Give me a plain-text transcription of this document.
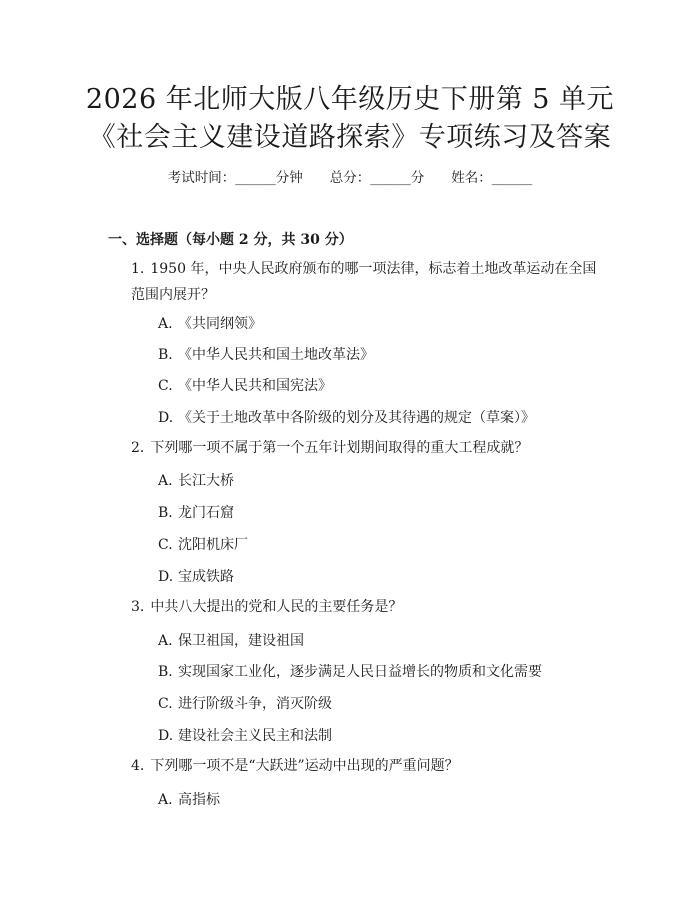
2026 年北师大版八年级历史下册第 5 单元
《社会主义建设道路探索》专项练习及答案
考试时间：______分钟　　总分：______分　　姓名：______
一、选择题（每小题 2 分，共 30 分）
1. 1950 年，中央人民政府颁布的哪一项法律，标志着土地改革运动在全国范围内展开？
A. 《共同纲领》
B. 《中华人民共和国土地改革法》
C. 《中华人民共和国宪法》
D. 《关于土地改革中各阶级的划分及其待遇的规定（草案）》
2. 下列哪一项不属于第一个五年计划期间取得的重大工程成就？
A. 长江大桥
B. 龙门石窟
C. 沈阳机床厂
D. 宝成铁路
3. 中共八大提出的党和人民的主要任务是？
A. 保卫祖国，建设祖国
B. 实现国家工业化，逐步满足人民日益增长的物质和文化需要
C. 进行阶级斗争，消灭阶级
D. 建设社会主义民主和法制
4. 下列哪一项不是“大跃进”运动中出现的严重问题？
A. 高指标
